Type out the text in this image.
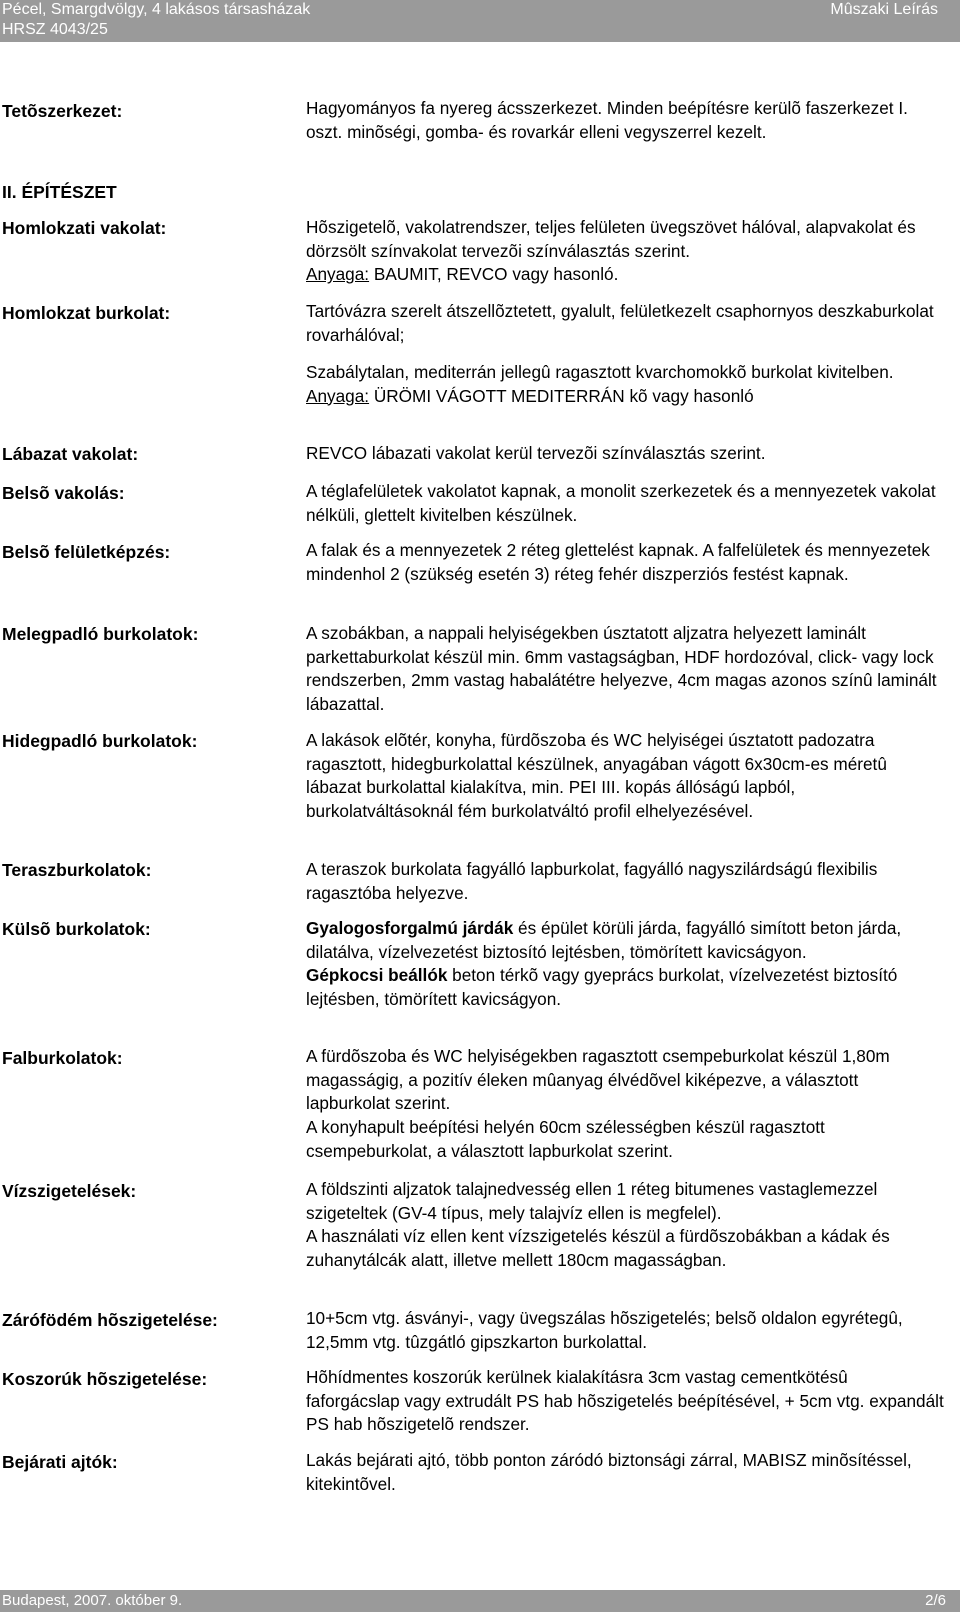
Pécel, Smargdvölgy, 4 lakásos társasházak
HRSZ 4043/25
Mûszaki Leírás
Tetõszerkezet:
II. ÉPÍTÉSZET
Homlokzati vakolat:
Homlokzat burkolat:
Lábazat vakolat:
Belsõ vakolás:
Belsõ felületképzés:
Melegpadló burkolatok:
Hidegpadló burkolatok:
Teraszburkolatok:
Külsõ burkolatok:
Falburkolatok:
Vízszigetelések:
Zárófödém hõszigetelése:
Koszorúk hõszigetelése:
Bejárati ajtók:

Hagyományos fa nyereg ácsszerkezet. Minden beépítésre kerülõ faszerkezet I. oszt. minõségi, gomba- és rovarkár elleni vegyszerrel kezelt.

Hõszigetelõ, vakolatrendszer, teljes felületen üvegszövet hálóval, alapvakolat és dörzsölt színvakolat tervezõi színválasztás szerint.

Anyaga: BAUMIT, REVCO vagy hasonló.

Tartóvázra szerelt átszellõztetett, gyalult, felületkezelt csaphornyos deszkaburkolat rovarhálóval;

Szabálytalan, mediterrán jellegû ragasztott kvarchomokkõ burkolat kivitelben.

Anyaga: ÜRÖMI VÁGOTT MEDITERRÁN kõ vagy hasonló

REVCO lábazati vakolat kerül tervezõi színválasztás szerint.

A téglafelületek vakolatot kapnak, a monolit szerkezetek és a mennyezetek vakolat nélküli, glettelt kivitelben készülnek.

A falak és a mennyezetek 2 réteg glettelést kapnak. A falfelületek és mennyezetek mindenhol 2 (szükség esetén 3) réteg fehér diszperziós festést kapnak.

A szobákban, a nappali helyiségekben úsztatott aljzatra helyezett laminált parkettaburkolat készül min. 6mm vastagságban, HDF hordozóval, click- vagy lock rendszerben, 2mm vastag habalátétre helyezve, 4cm magas azonos színû laminált lábazattal.

A lakások elõtér, konyha, fürdõszoba és WC helyiségei úsztatott padozatra ragasztott, hidegburkolattal készülnek, anyagában vágott 6x30cm-es méretû lábazat burkolattal kialakítva, min. PEI III. kopás állóságú lapból, burkolatváltásoknál fém burkolatváltó profil elhelyezésével.

A teraszok burkolata fagyálló lapburkolat, fagyálló nagyszilárdságú flexibilis ragasztóba helyezve.

Gyalogosforgalmú járdák és épület körüli járda, fagyálló simított beton járda, dilatálva, vízelvezetést biztosító lejtésben, tömörített kavicságyon.

Gépkocsi beállók beton térkõ vagy gyeprács burkolat, vízelvezetést biztosító lejtésben, tömörített kavicságyon.

A fürdõszoba és WC helyiségekben ragasztott csempeburkolat készül 1,80m magasságig, a pozitív éleken mûanyag élvédõvel kiképezve, a választott lapburkolat szerint.

A konyhapult beépítési helyén 60cm szélességben készül ragasztott csempeburkolat, a választott lapburkolat szerint.

A földszinti aljzatok talajnedvesség ellen 1 réteg bitumenes vastaglemezzel szigeteltek (GV-4 típus, mely talajvíz ellen is megfelel).

A használati víz ellen kent vízszigetelés készül a fürdõszobákban a kádak és zuhanytálcák alatt, illetve mellett 180cm magasságban.

10+5cm vtg. ásványi-, vagy üvegszálas hõszigetelés; belsõ oldalon egyrétegû, 12,5mm vtg. tûzgátló gipszkarton burkolattal.

Hõhídmentes koszorúk kerülnek kialakításra 3cm vastag cementkötésû faforgácslap vagy extrudált PS hab hõszigetelés beépítésével, + 5cm vtg. expandált PS hab hõszigetelõ rendszer.

Lakás bejárati ajtó, több ponton záródó biztonsági zárral, MABISZ minõsítéssel, kitekintõvel.

Budapest, 2007. október 9.	2/6
